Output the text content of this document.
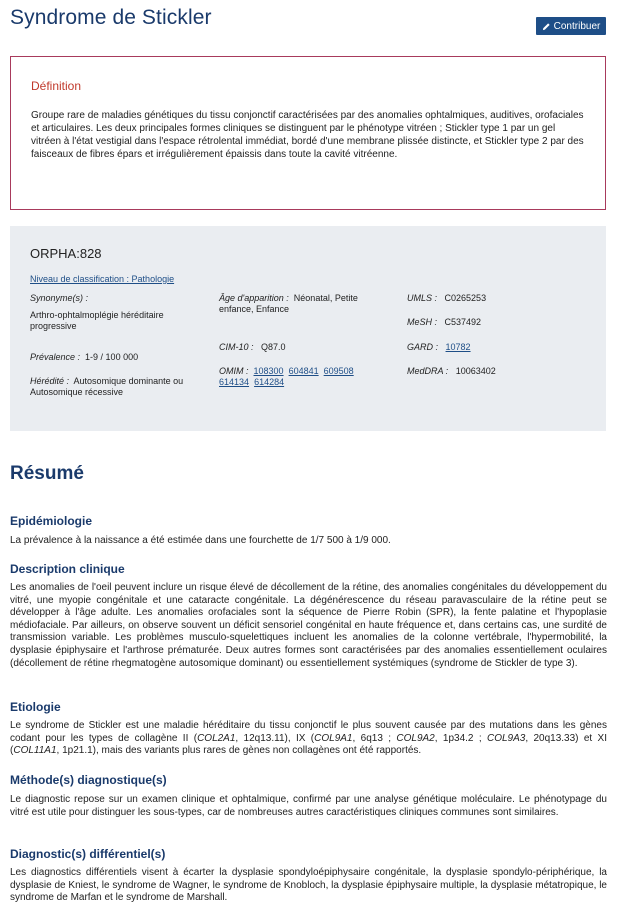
Syndrome de Stickler	Contribuer
Définition

Groupe rare de maladies génétiques du tissu conjonctif caractérisées par des anomalies ophtalmiques, auditives, orofaciales et articulaires. Les deux principales formes cliniques se distinguent par le phénotype vitréen ; Stickler type 1 par un gel vitréen à l'état vestigial dans l'espace rétrolental immédiat, bordé d'une membrane plissée distincte, et Stickler type 2 par des faisceaux de fibres épars et irrégulièrement épaissis dans toute la cavité vitréenne.

ORPHA:828
Niveau de classification : Pathologie
Synonyme(s) :
Arthro-ophtalmoplégie héréditaire progressive
Prévalence : 1-9 / 100 000
Hérédité : Autosomique dominante ou Autosomique récessive
Âge d'apparition : Néonatal, Petite enfance, Enfance
CIM-10 : Q87.0
OMIM : 108300 604841 609508 614134 614284
UMLS : C0265253
MeSH : C537492
GARD : 10782
MedDRA : 10063402
Résumé
Epidémiologie

La prévalence à la naissance a été estimée dans une fourchette de 1/7 500 à 1/9 000.

Description clinique

Les anomalies de l'oeil peuvent inclure un risque élevé de décollement de la rétine, des anomalies congénitales du développement du vitré, une myopie congénitale et une cataracte congénitale. La dégénérescence du réseau paravasculaire de la rétine peut se développer à l'âge adulte. Les anomalies orofaciales sont la séquence de Pierre Robin (SPR), la fente palatine et l'hypoplasie médiofaciale. Par ailleurs, on observe souvent un déficit sensoriel congénital en haute fréquence et, dans certains cas, une surdité de transmission variable. Les problèmes musculo-squelettiques incluent les anomalies de la colonne vertébrale, l'hypermobilité, la dysplasie épiphysaire et l'arthrose prématurée. Deux autres formes sont caractérisées par des anomalies essentiellement oculaires (décollement de rétine rhegmatogène autosomique dominant) ou essentiellement systémiques (syndrome de Stickler de type 3).

Etiologie

Le syndrome de Stickler est une maladie héréditaire du tissu conjonctif le plus souvent causée par des mutations dans les gènes codant pour les types de collagène II (COL2A1, 12q13.11), IX (COL9A1, 6q13 ; COL9A2, 1p34.2 ; COL9A3, 20q13.33) et XI (COL11A1, 1p21.1), mais des variants plus rares de gènes non collagènes ont été rapportés.

Méthode(s) diagnostique(s)

Le diagnostic repose sur un examen clinique et ophtalmique, confirmé par une analyse génétique moléculaire. Le phénotypage du vitré est utile pour distinguer les sous-types, car de nombreuses autres caractéristiques cliniques communes sont similaires.

Diagnostic(s) différentiel(s)

Les diagnostics différentiels visent à écarter la dysplasie spondyloépiphysaire congénitale, la dysplasie spondylo-périphérique, la dysplasie de Kniest, le syndrome de Wagner, le syndrome de Knobloch, la dysplasie épiphysaire multiple, la dysplasie métatropique, le syndrome de Marfan et le syndrome de Marshall.
